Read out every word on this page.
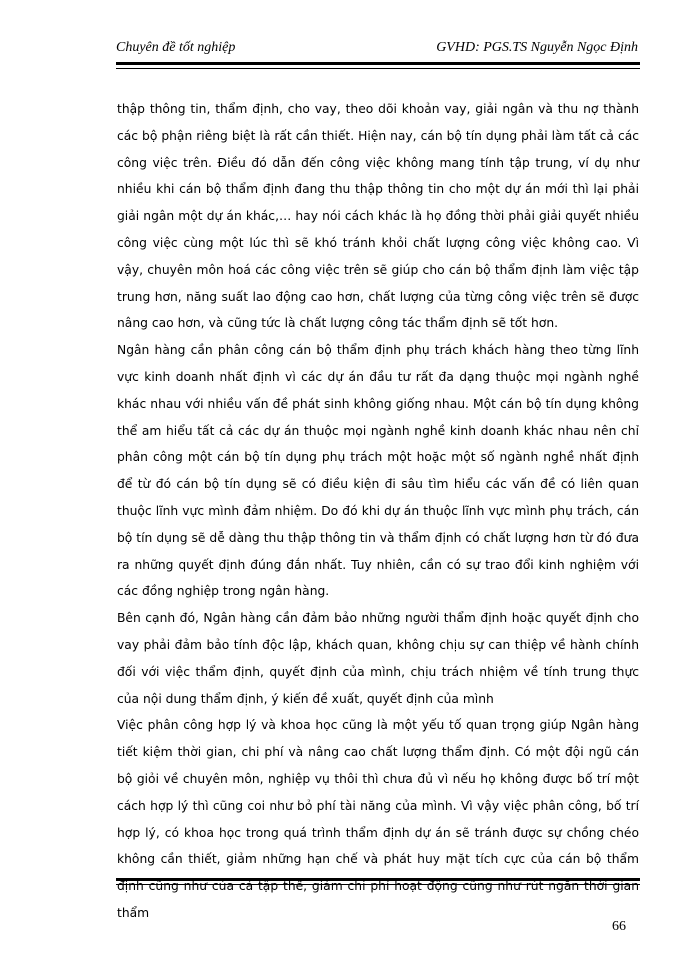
Chuyên đề tốt nghiệp	GVHD: PGS.TS Nguyễn Ngọc Định

thập thông tin, thẩm định, cho vay, theo dõi khoản vay, giải ngân và thu nợ thành các bộ phận riêng biệt là rất cần thiết. Hiện nay, cán bộ tín dụng phải làm tất cả các công việc trên. Điều đó dẫn đến công việc không mang tính tập trung, ví dụ như nhiều khi cán bộ thẩm định đang thu thập thông tin cho một dự án mới thì lại phải giải ngân một dự án khác,… hay nói cách khác là họ đồng thời phải giải quyết nhiều công việc cùng một lúc thì sẽ khó tránh khỏi chất lượng công việc không cao. Vì vậy, chuyên môn hoá các công việc trên sẽ giúp cho cán bộ thẩm định làm việc tập trung hơn, năng suất lao động cao hơn, chất lượng của từng công việc trên sẽ được nâng cao hơn, và cũng tức là chất lượng công tác thẩm định sẽ tốt hơn.

Ngân hàng cần phân công cán bộ thẩm định phụ trách khách hàng theo từng lĩnh vực kinh doanh nhất định vì các dự án đầu tư rất đa dạng thuộc mọi ngành nghề khác nhau với nhiều vấn đề phát sinh không giống nhau. Một cán bộ tín dụng không thể am hiểu tất cả các dự án thuộc mọi ngành nghề kinh doanh khác nhau nên chỉ phân công một cán bộ tín dụng phụ trách một hoặc một số ngành nghề nhất định để từ đó cán bộ tín dụng sẽ có điều kiện đi sâu tìm hiểu các vấn đề có liên quan thuộc lĩnh vực mình đảm nhiệm. Do đó khi dự án thuộc lĩnh vực mình phụ trách, cán bộ tín dụng sẽ dễ dàng thu thập thông tin và thẩm định có chất lượng hơn từ đó đưa ra những quyết định đúng đắn nhất. Tuy nhiên, cần có sự trao đổi kinh nghiệm với các đồng nghiệp trong ngân hàng.

Bên cạnh đó, Ngân hàng cần đảm bảo những người thẩm định hoặc quyết định cho vay phải đảm bảo tính độc lập, khách quan, không chịu sự can thiệp về hành chính đối với việc thẩm định, quyết định của mình, chịu trách nhiệm về tính trung thực của nội dung thẩm định, ý kiến đề xuất, quyết định của mình

Việc phân công hợp lý và khoa học cũng là một yếu tố quan trọng giúp Ngân hàng tiết kiệm thời gian, chi phí và nâng cao chất lượng thẩm định. Có một đội ngũ cán bộ giỏi về chuyên môn, nghiệp vụ thôi thì chưa đủ vì nếu họ không được bố trí một cách hợp lý thì cũng coi như bỏ phí tài năng của mình. Vì vậy việc phân công, bố trí hợp lý, có khoa học trong quá trình thẩm định dự án sẽ tránh được sự chồng chéo không cần thiết, giảm những hạn chế và phát huy mặt tích cực của cán bộ thẩm định cũng như của cả tập thể, giảm chi phí hoạt động cũng như rút ngắn thời gian thẩm

66
